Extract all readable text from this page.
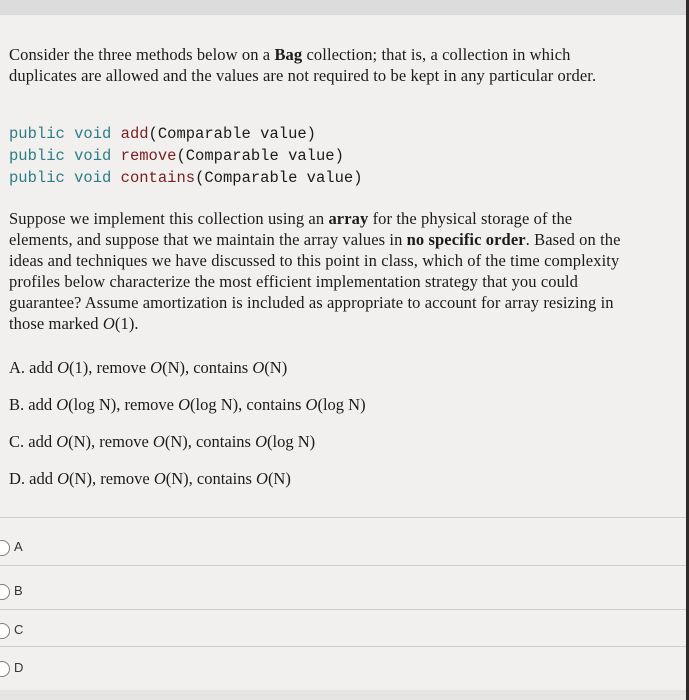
Consider the three methods below on a Bag collection; that is, a collection in which duplicates are allowed and the values are not required to be kept in any particular order.
public void add(Comparable value)
public void remove(Comparable value)
public void contains(Comparable value)
Suppose we implement this collection using an array for the physical storage of the elements, and suppose that we maintain the array values in no specific order. Based on the ideas and techniques we have discussed to this point in class, which of the time complexity profiles below characterize the most efficient implementation strategy that you could guarantee? Assume amortization is included as appropriate to account for array resizing in those marked O(1).
A. add O(1), remove O(N), contains O(N)
B. add O(log N), remove O(log N), contains O(log N)
C. add O(N), remove O(N), contains O(log N)
D. add O(N), remove O(N), contains O(N)
A
B
C
D
